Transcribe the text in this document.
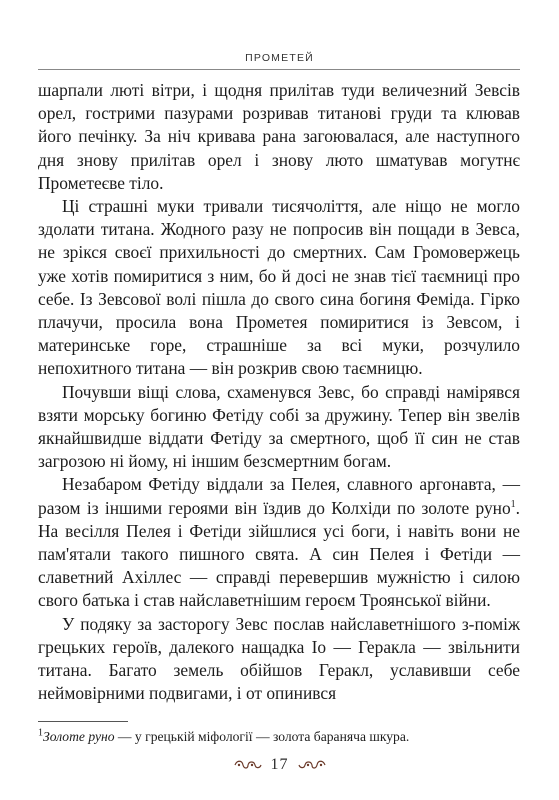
ПРОМЕТЕЙ

шарпали люті вітри, і щодня прилітав туди величезний Зевсів орел, гострими пазурами розривав титанові груди та клював його печінку. За ніч кривава рана загоювалася, але наступного дня знову прилітав орел і знову люто шматував могутнє Прометеєве тіло.

Ці страшні муки тривали тисячоліття, але ніщо не могло здолати титана. Жодного разу не попросив він пощади в Зевса, не зрікся своєї прихильності до смертних. Сам Громовержець уже хотів помиритися з ним, бо й досі не знав тієї таємниці про себе. Із Зевсової волі пішла до свого сина богиня Феміда. Гірко плачучи, просила вона Прометея помиритися із Зевсом, і материнське горе, страшніше за всі муки, розчулило непохитного титана — він розкрив свою таємницю.

Почувши віщі слова, схаменувся Зевс, бо справді намірявся взяти морську богиню Фетіду собі за дружину. Тепер він звелів якнайшвидше віддати Фетіду за смертного, щоб її син не став загрозою ні йому, ні іншим безсмертним богам.

Незабаром Фетіду віддали за Пелея, славного аргонавта, — разом із іншими героями він їздив до Колхіди по золоте руно$^1$. На весілля Пелея і Фетіди зійшлися усі боги, і навіть вони не пам'ятали такого пишного свята. А син Пелея і Фетіди — славетний Ахіллес — справді перевершив мужністю і силою свого батька і став найславетнішим героєм Троянської війни.

У подяку за засторогу Зевс послав найславетнішого з-поміж грецьких героїв, далекого нащадка Іо — Геракла — звільнити титана. Багато земель обійшов Геракл, уславивши себе неймовірними подвигами, і от опинився

$^1$Золоте руно — у грецькій міфології — золота бараняча шкура.
17
